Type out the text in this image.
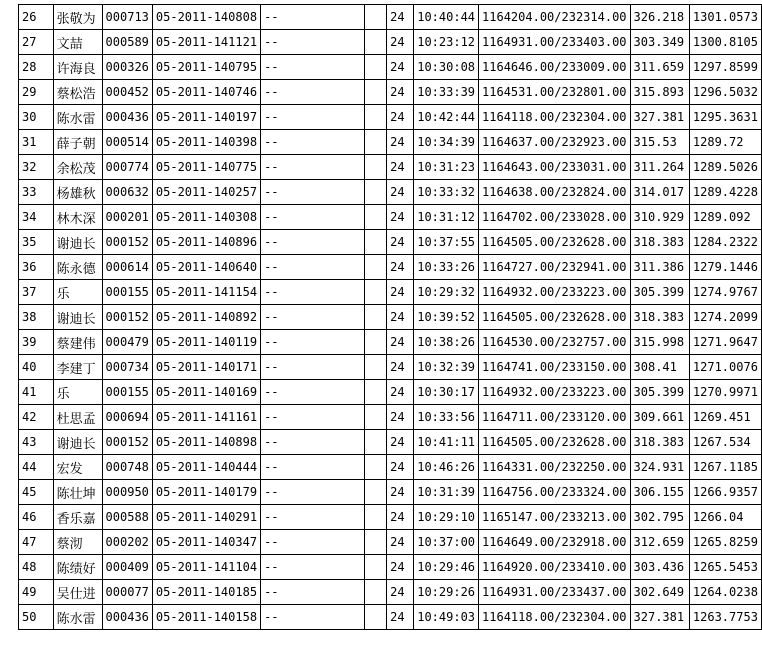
26	张敬为	000713	05-2011-140808	--		24	10:40:44	1164204.00/232314.00	326.218	1301.0573
27	文喆	000589	05-2011-141121	--		24	10:23:12	1164931.00/233403.00	303.349	1300.8105
28	许海良	000326	05-2011-140795	--		24	10:30:08	1164646.00/233009.00	311.659	1297.8599
29	蔡松浩	000452	05-2011-140746	--		24	10:33:39	1164531.00/232801.00	315.893	1296.5032
30	陈水雷	000436	05-2011-140197	--		24	10:42:44	1164118.00/232304.00	327.381	1295.3631
31	薛子朝	000514	05-2011-140398	--		24	10:34:39	1164637.00/232923.00	315.53	1289.72
32	余松茂	000774	05-2011-140775	--		24	10:31:23	1164643.00/233031.00	311.264	1289.5026
33	杨雄秋	000632	05-2011-140257	--		24	10:33:32	1164638.00/232824.00	314.017	1289.4228
34	林木深	000201	05-2011-140308	--		24	10:31:12	1164702.00/233028.00	310.929	1289.092
35	谢迪长	000152	05-2011-140896	--		24	10:37:55	1164505.00/232628.00	318.383	1284.2322
36	陈永德	000614	05-2011-140640	--		24	10:33:26	1164727.00/232941.00	311.386	1279.1446
37	乐	000155	05-2011-141154	--		24	10:29:32	1164932.00/233223.00	305.399	1274.9767
38	谢迪长	000152	05-2011-140892	--		24	10:39:52	1164505.00/232628.00	318.383	1274.2099
39	蔡建伟	000479	05-2011-140119	--		24	10:38:26	1164530.00/232757.00	315.998	1271.9647
40	李建丁	000734	05-2011-140171	--		24	10:32:39	1164741.00/233150.00	308.41	1271.0076
41	乐	000155	05-2011-140169	--		24	10:30:17	1164932.00/233223.00	305.399	1270.9971
42	杜思孟	000694	05-2011-141161	--		24	10:33:56	1164711.00/233120.00	309.661	1269.451
43	谢迪长	000152	05-2011-140898	--		24	10:41:11	1164505.00/232628.00	318.383	1267.534
44	宏发	000748	05-2011-140444	--		24	10:46:26	1164331.00/232250.00	324.931	1267.1185
45	陈壮坤	000950	05-2011-140179	--		24	10:31:39	1164756.00/233324.00	306.155	1266.9357
46	香乐嘉	000588	05-2011-140291	--		24	10:29:10	1165147.00/233213.00	302.795	1266.04
47	蔡沏	000202	05-2011-140347	--		24	10:37:00	1164649.00/232918.00	312.659	1265.8259
48	陈绩好	000409	05-2011-141104	--		24	10:29:46	1164920.00/233410.00	303.436	1265.5453
49	吴仕进	000077	05-2011-140185	--		24	10:29:26	1164931.00/233437.00	302.649	1264.0238
50	陈水雷	000436	05-2011-140158	--		24	10:49:03	1164118.00/232304.00	327.381	1263.7753
